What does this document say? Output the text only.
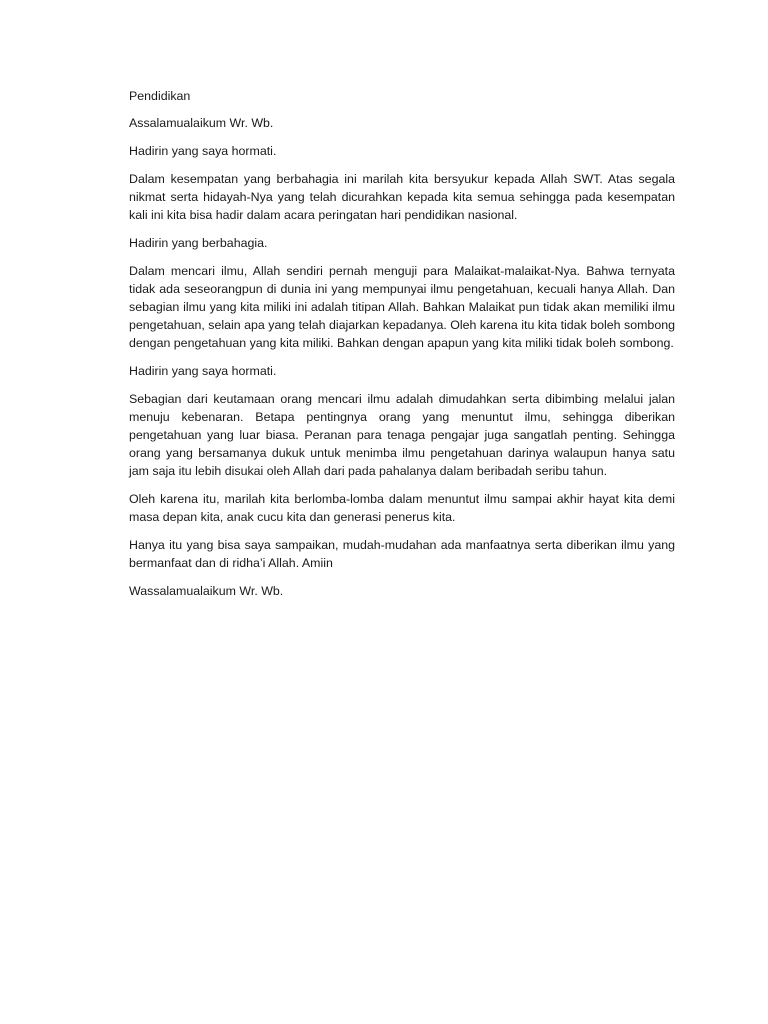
Pendidikan

Assalamualaikum Wr. Wb.

Hadirin yang saya hormati.

Dalam kesempatan yang berbahagia ini marilah kita bersyukur kepada Allah SWT. Atas segala nikmat serta hidayah-Nya yang telah dicurahkan kepada kita semua sehingga pada kesempatan kali ini kita bisa hadir dalam acara peringatan hari pendidikan nasional.

Hadirin yang berbahagia.

Dalam mencari ilmu, Allah sendiri pernah menguji para Malaikat-malaikat-Nya. Bahwa ternyata tidak ada seseorangpun di dunia ini yang mempunyai ilmu pengetahuan, kecuali hanya Allah. Dan sebagian ilmu yang kita miliki ini adalah titipan Allah. Bahkan Malaikat pun tidak akan memiliki ilmu pengetahuan, selain apa yang telah diajarkan kepadanya. Oleh karena itu kita tidak boleh sombong dengan pengetahuan yang kita miliki. Bahkan dengan apapun yang kita miliki tidak boleh sombong.

Hadirin yang saya hormati.

Sebagian dari keutamaan orang mencari ilmu adalah dimudahkan serta dibimbing melalui jalan menuju kebenaran. Betapa pentingnya orang yang menuntut ilmu, sehingga diberikan pengetahuan yang luar biasa. Peranan para tenaga pengajar juga sangatlah penting. Sehingga orang yang bersamanya dukuk untuk menimba ilmu pengetahuan darinya walaupun hanya satu jam saja itu lebih disukai oleh Allah dari pada pahalanya dalam beribadah seribu tahun.

Oleh karena itu, marilah kita berlomba-lomba dalam menuntut ilmu sampai akhir hayat kita demi masa depan kita, anak cucu kita dan generasi penerus kita.

Hanya itu yang bisa saya sampaikan, mudah-mudahan ada manfaatnya serta diberikan ilmu yang bermanfaat dan di ridha’i Allah. Amiin

Wassalamualaikum Wr. Wb.
